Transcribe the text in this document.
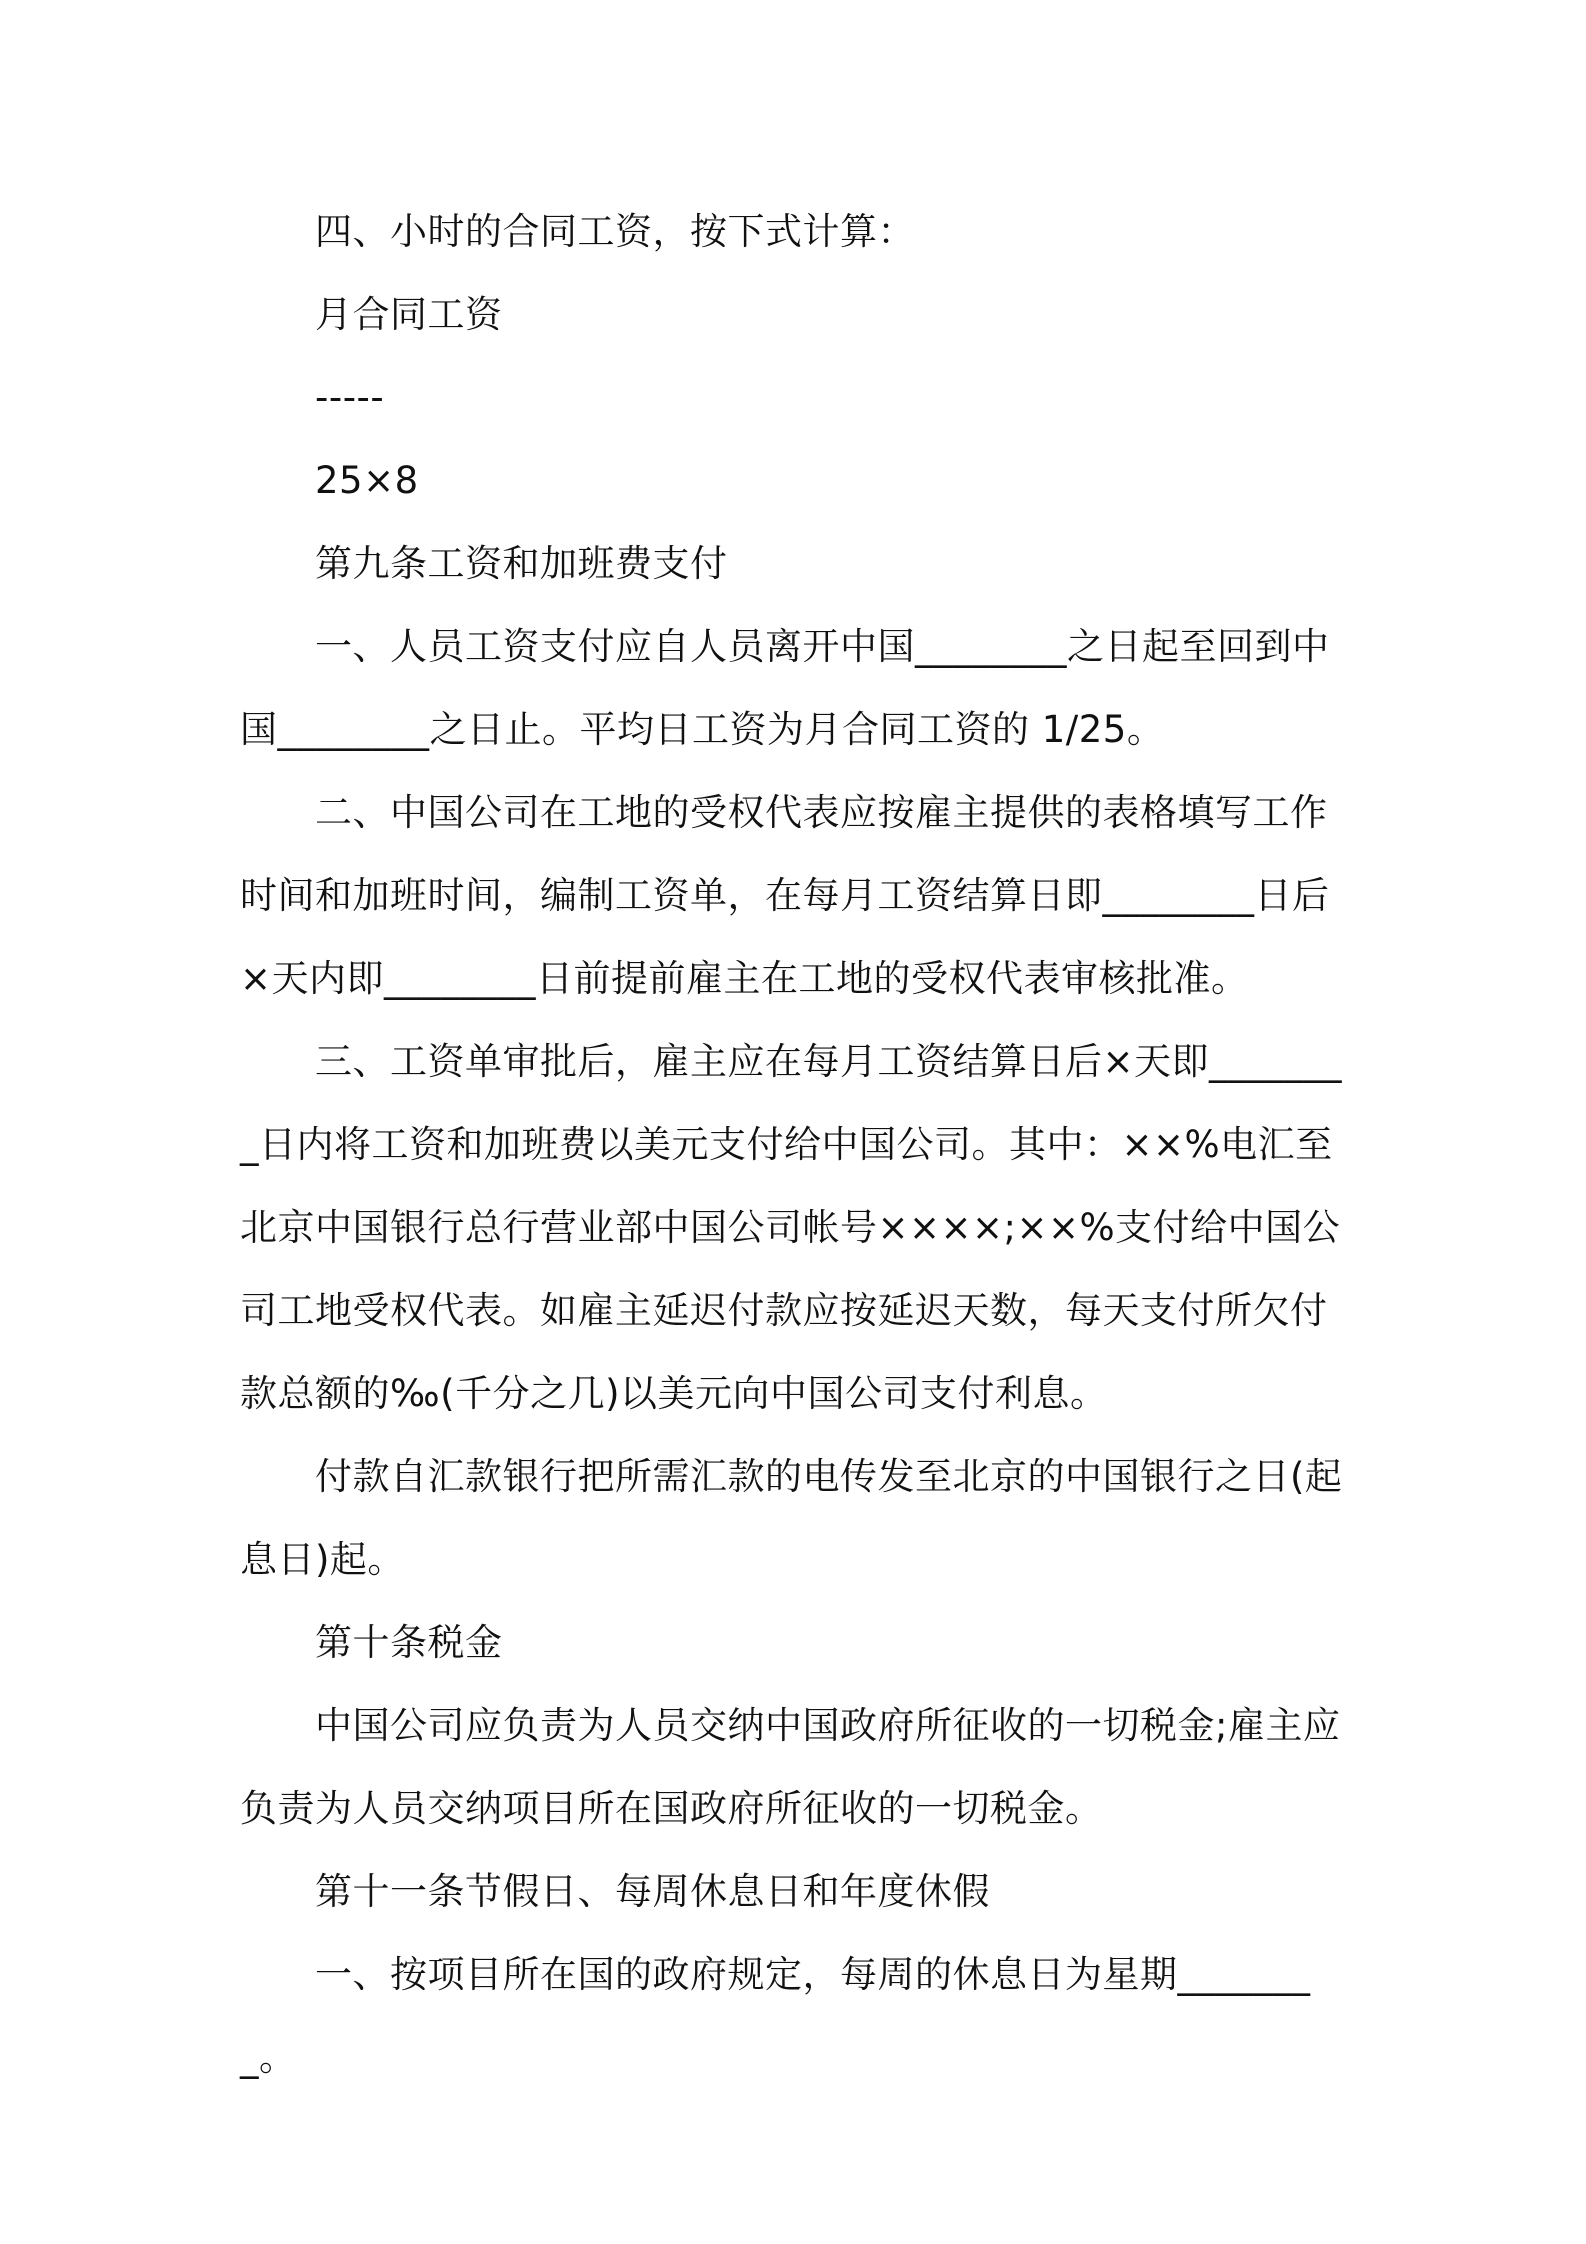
四、小时的合同工资，按下式计算：

月合同工资

-----

25×8

第九条工资和加班费支付

一、人员工资支付应自人员离开中国________之日起至回到中国________之日止。平均日工资为月合同工资的 1/25。

二、中国公司在工地的受权代表应按雇主提供的表格填写工作时间和加班时间，编制工资单，在每月工资结算日即________日后×天内即________日前提前雇主在工地的受权代表审核批准。

三、工资单审批后，雇主应在每月工资结算日后×天即________日内将工资和加班费以美元支付给中国公司。其中：××%电汇至北京中国银行总行营业部中国公司帐号××××;××%支付给中国公司工地受权代表。如雇主延迟付款应按延迟天数，每天支付所欠付款总额的‰(千分之几)以美元向中国公司支付利息。

付款自汇款银行把所需汇款的电传发至北京的中国银行之日(起息日)起。

第十条税金

中国公司应负责为人员交纳中国政府所征收的一切税金;雇主应负责为人员交纳项目所在国政府所征收的一切税金。

第十一条节假日、每周休息日和年度休假

一、按项目所在国的政府规定，每周的休息日为星期________。
